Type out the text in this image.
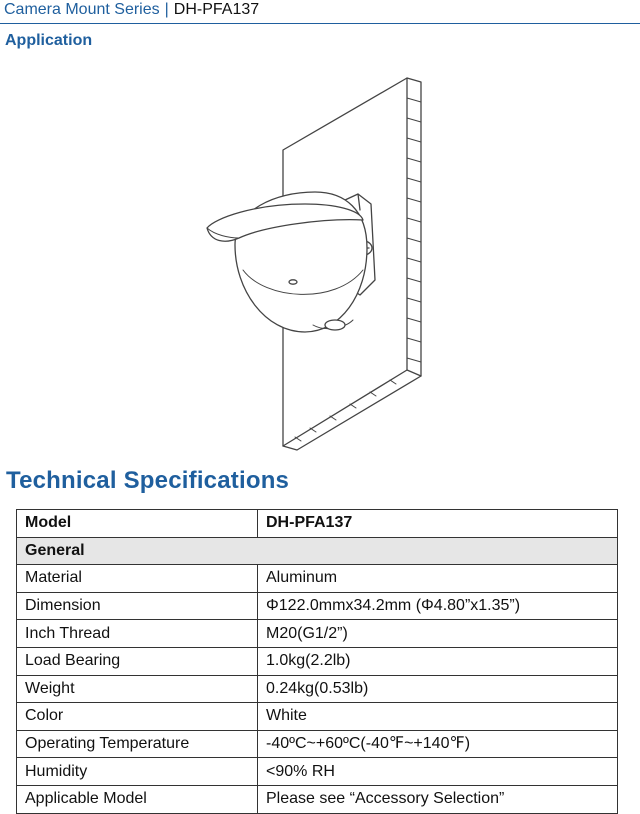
Camera Mount Series | DH-PFA137
Application
Technical Specifications
Model	DH-PFA137
General	
Material	Aluminum
Dimension	Φ122.0mmx34.2mm (Φ4.80”x1.35”)
Inch Thread	M20(G1/2”)
Load Bearing	1.0kg(2.2lb)
Weight	0.24kg(0.53lb)
Color	White
Operating Temperature	-40ºC~+60ºC(-40℉~+140℉)
Humidity	<90% RH
Applicable Model	Please see “Accessory Selection”
